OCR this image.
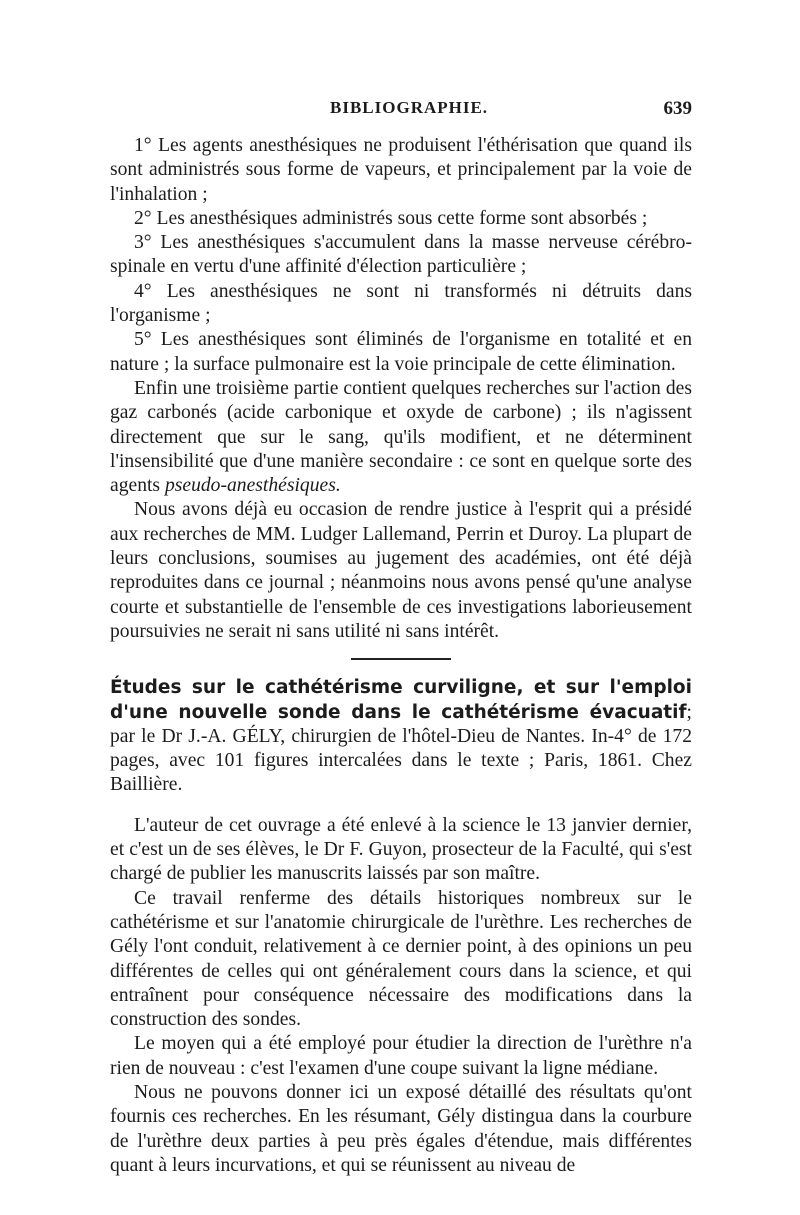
BIBLIOGRAPHIE.	639

1° Les agents anesthésiques ne produisent l'éthérisation que quand ils sont administrés sous forme de vapeurs, et principalement par la voie de l'inhalation ;

2° Les anesthésiques administrés sous cette forme sont absorbés ;

3° Les anesthésiques s'accumulent dans la masse nerveuse cérébro-spinale en vertu d'une affinité d'élection particulière ;

4° Les anesthésiques ne sont ni transformés ni détruits dans l'organisme ;

5° Les anesthésiques sont éliminés de l'organisme en totalité et en nature ; la surface pulmonaire est la voie principale de cette élimination.

Enfin une troisième partie contient quelques recherches sur l'action des gaz carbonés (acide carbonique et oxyde de carbone) ; ils n'agissent directement que sur le sang, qu'ils modifient, et ne déterminent l'insensibilité que d'une manière secondaire : ce sont en quelque sorte des agents pseudo-anesthésiques.

Nous avons déjà eu occasion de rendre justice à l'esprit qui a présidé aux recherches de MM. Ludger Lallemand, Perrin et Duroy. La plupart de leurs conclusions, soumises au jugement des académies, ont été déjà reproduites dans ce journal ; néanmoins nous avons pensé qu'une analyse courte et substantielle de l'ensemble de ces investigations laborieusement poursuivies ne serait ni sans utilité ni sans intérêt.

Études sur le cathétérisme curviligne, et sur l'emploi d'une nouvelle sonde dans le cathétérisme évacuatif; par le Dr J.-A. GÉLY, chirurgien de l'hôtel-Dieu de Nantes. In-4° de 172 pages, avec 101 figures intercalées dans le texte ; Paris, 1861. Chez Baillière.

L'auteur de cet ouvrage a été enlevé à la science le 13 janvier dernier, et c'est un de ses élèves, le Dr F. Guyon, prosecteur de la Faculté, qui s'est chargé de publier les manuscrits laissés par son maître.

Ce travail renferme des détails historiques nombreux sur le cathétérisme et sur l'anatomie chirurgicale de l'urèthre. Les recherches de Gély l'ont conduit, relativement à ce dernier point, à des opinions un peu différentes de celles qui ont généralement cours dans la science, et qui entraînent pour conséquence nécessaire des modifications dans la construction des sondes.

Le moyen qui a été employé pour étudier la direction de l'urèthre n'a rien de nouveau : c'est l'examen d'une coupe suivant la ligne médiane.

Nous ne pouvons donner ici un exposé détaillé des résultats qu'ont fournis ces recherches. En les résumant, Gély distingua dans la courbure de l'urèthre deux parties à peu près égales d'étendue, mais différentes quant à leurs incurvations, et qui se réunissent au niveau de
